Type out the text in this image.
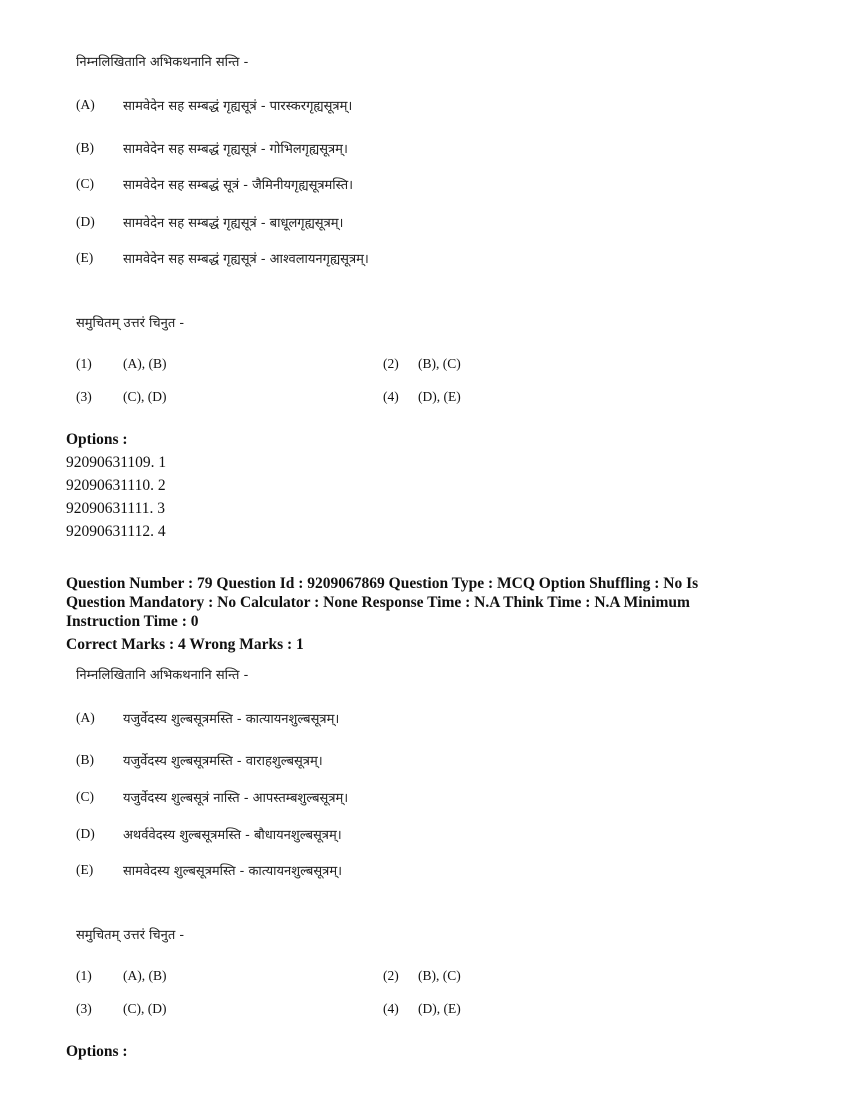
निम्नलिखितानि अभिकथनानि सन्ति -
(A) सामवेदेन सह सम्बद्धं गृह्यसूत्रं - पारस्करगृह्यसूत्रम्।
(B) सामवेदेन सह सम्बद्धं गृह्यसूत्रं - गोभिलगृह्यसूत्रम्।
(C) सामवेदेन सह सम्बद्धं सूत्रं - जैमिनीयगृह्यसूत्रमस्ति।
(D) सामवेदेन सह सम्बद्धं गृह्यसूत्रं - बाधूलगृह्यसूत्रम्।
(E) सामवेदेन सह सम्बद्धं गृह्यसूत्रं - आश्वलायनगृह्यसूत्रम्।
समुचितम् उत्तरं चिनुत -
(1) (A), (B)	(2) (B), (C)
(3) (C), (D)	(4) (D), (E)
Options :
92090631109. 1
92090631110. 2
92090631111. 3
92090631112. 4
Question Number : 79 Question Id : 9209067869 Question Type : MCQ Option Shuffling : No Is
Question Mandatory : No Calculator : None Response Time : N.A Think Time : N.A Minimum
Instruction Time : 0
Correct Marks : 4 Wrong Marks : 1
निम्नलिखितानि अभिकथनानि सन्ति -
(A) यजुर्वेदस्य शुल्बसूत्रमस्ति - कात्यायनशुल्बसूत्रम्।
(B) यजुर्वेदस्य शुल्बसूत्रमस्ति - वाराहशुल्बसूत्रम्।
(C) यजुर्वेदस्य शुल्बसूत्रं नास्ति - आपस्तम्बशुल्बसूत्रम्।
(D) अथर्ववेदस्य शुल्बसूत्रमस्ति - बौधायनशुल्बसूत्रम्।
(E) सामवेदस्य शुल्बसूत्रमस्ति - कात्यायनशुल्बसूत्रम्।
समुचितम् उत्तरं चिनुत -
(1) (A), (B)	(2) (B), (C)
(3) (C), (D)	(4) (D), (E)
Options :
